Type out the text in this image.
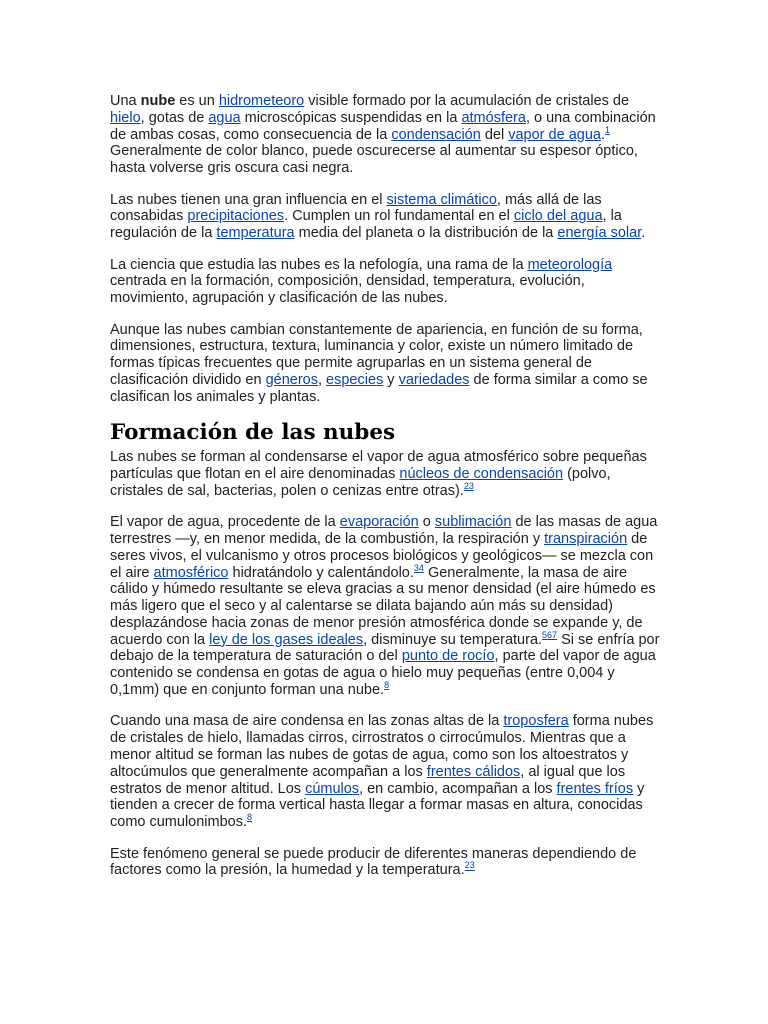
Una nube es un hidrometeoro visible formado por la acumulación de cristales de hielo, gotas de agua microscópicas suspendidas en la atmósfera, o una combinación de ambas cosas, como consecuencia de la condensación del vapor de agua.$^1$ Generalmente de color blanco, puede oscurecerse al aumentar su espesor óptico, hasta volverse gris oscura casi negra.

Las nubes tienen una gran influencia en el sistema climático, más allá de las consabidas precipitaciones. Cumplen un rol fundamental en el ciclo del agua, la regulación de la temperatura media del planeta o la distribución de la energía solar.

La ciencia que estudia las nubes es la nefología, una rama de la meteorología centrada en la formación, composición, densidad, temperatura, evolución, movimiento, agrupación y clasificación de las nubes.

Aunque las nubes cambian constantemente de apariencia, en función de su forma, dimensiones, estructura, textura, luminancia y color, existe un número limitado de formas típicas frecuentes que permite agruparlas en un sistema general de clasificación dividido en géneros, especies y variedades de forma similar a como se clasifican los animales y plantas.

Formación de las nubes

Las nubes se forman al condensarse el vapor de agua atmosférico sobre pequeñas partículas que flotan en el aire denominadas núcleos de condensación (polvo, cristales de sal, bacterias, polen o cenizas entre otras).$^{23}$

El vapor de agua, procedente de la evaporación o sublimación de las masas de agua terrestres —y, en menor medida, de la combustión, la respiración y transpiración de seres vivos, el vulcanismo y otros procesos biológicos y geológicos— se mezcla con el aire atmosférico hidratándolo y calentándolo.$^{34}$ Generalmente, la masa de aire cálido y húmedo resultante se eleva gracias a su menor densidad (el aire húmedo es más ligero que el seco y al calentarse se dilata bajando aún más su densidad) desplazándose hacia zonas de menor presión atmosférica donde se expande y, de acuerdo con la ley de los gases ideales, disminuye su temperatura.$^{567}$ Si se enfría por debajo de la temperatura de saturación o del punto de rocío, parte del vapor de agua contenido se condensa en gotas de agua o hielo muy pequeñas (entre 0,004 y 0,1mm) que en conjunto forman una nube.$^8$

Cuando una masa de aire condensa en las zonas altas de la troposfera forma nubes de cristales de hielo, llamadas cirros, cirrostratos o cirrocúmulos. Mientras que a menor altitud se forman las nubes de gotas de agua, como son los altoestratos y altocúmulos que generalmente acompañan a los frentes cálidos, al igual que los estratos de menor altitud. Los cúmulos, en cambio, acompañan a los frentes fríos y tienden a crecer de forma vertical hasta llegar a formar masas en altura, conocidas como cumulonimbos.$^8$

Este fenómeno general se puede producir de diferentes maneras dependiendo de factores como la presión, la humedad y la temperatura.$^{23}$
